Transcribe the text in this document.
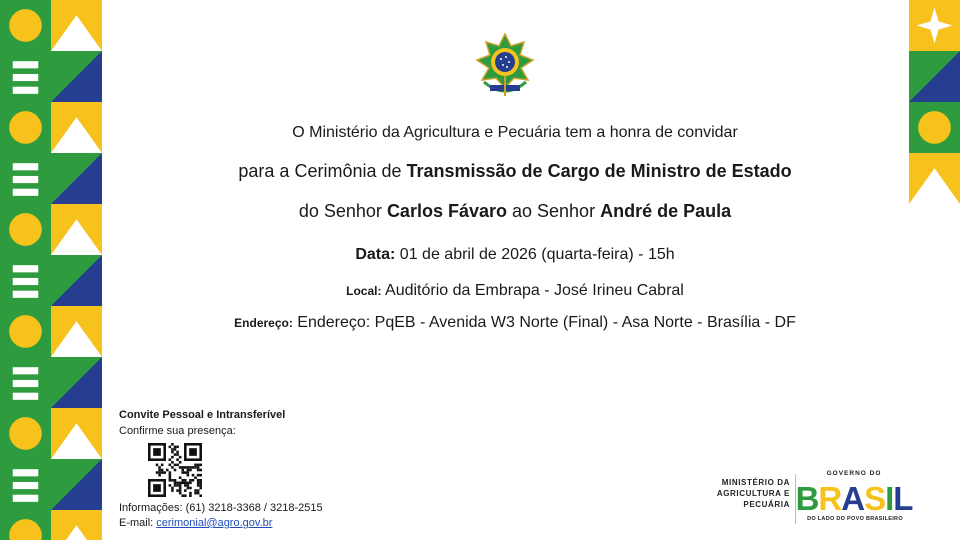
O Ministério da Agricultura e Pecuária tem a honra de convidar
para a Cerimônia de Transmissão de Cargo de Ministro de Estado
do Senhor Carlos Fávaro ao Senhor André de Paula
Data: 01 de abril de 2026 (quarta-feira) - 15h
Local: Auditório da Embrapa - José Irineu Cabral
Endereço: Endereço: PqEB - Avenida W3 Norte (Final) - Asa Norte - Brasília - DF
Convite Pessoal e Intransferível
Confirme sua presença:
Informações: (61) 3218-3368 / 3218-2515
E-mail: cerimonial@agro.gov.br
MINISTÉRIO DA
AGRICULTURA E
PECUÁRIA
GOVERNO DO
BRASIL
DO LADO DO POVO BRASILEIRO
